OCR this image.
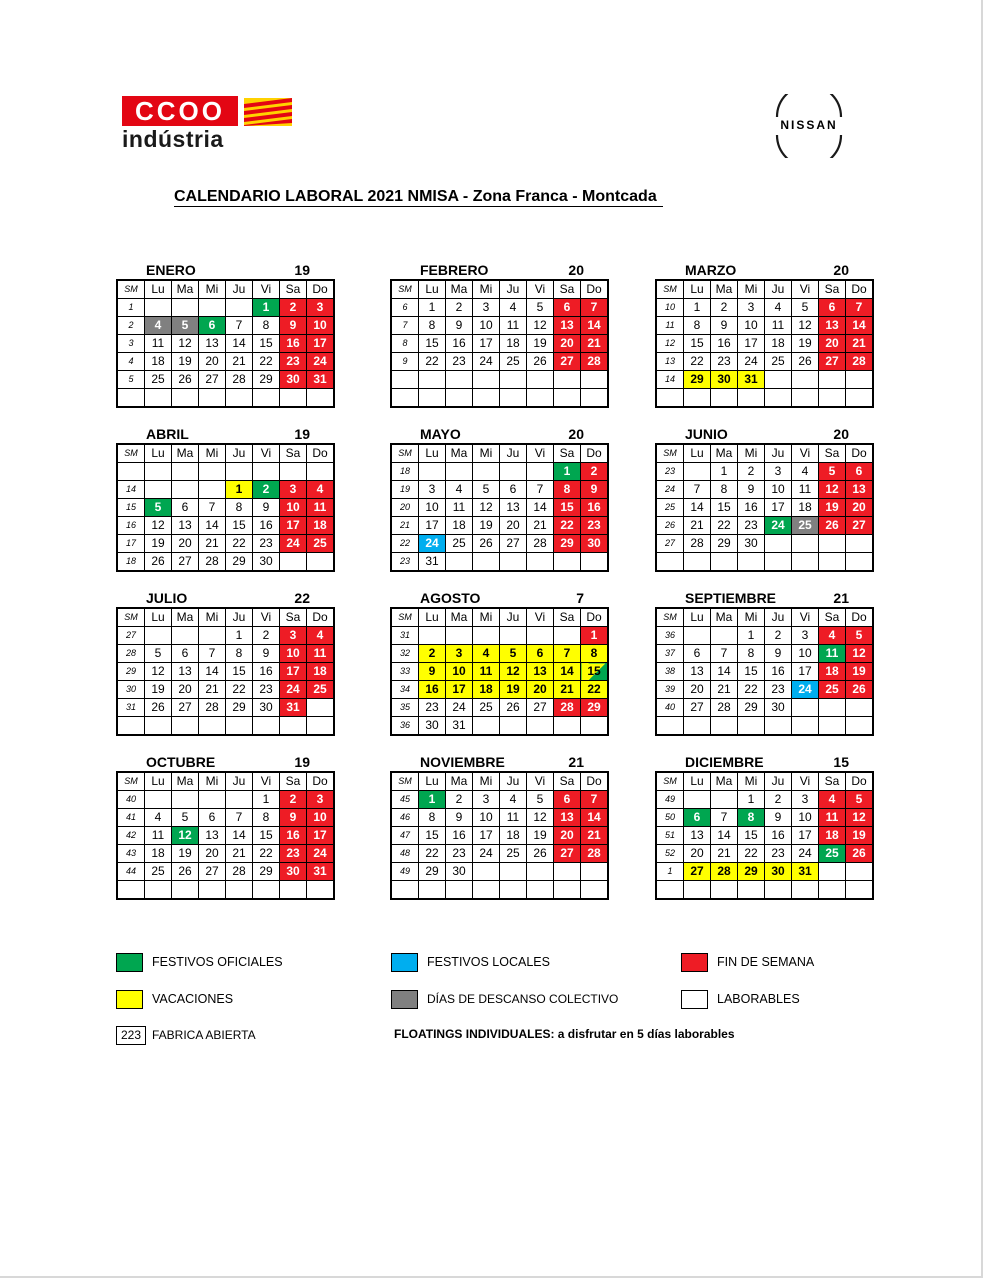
CCOO
indústria
NISSAN
CALENDARIO LABORAL 2021 NMISA - Zona Franca - Montcada
ENERO	19
SM	Lu	Ma	Mi	Ju	Vi	Sa	Do
1					1	2	3
2	4	5	6	7	8	9	10
3	11	12	13	14	15	16	17
4	18	19	20	21	22	23	24
5	25	26	27	28	29	30	31

FEBRERO	20
SM	Lu	Ma	Mi	Ju	Vi	Sa	Do
6	1	2	3	4	5	6	7
7	8	9	10	11	12	13	14
8	15	16	17	18	19	20	21
9	22	23	24	25	26	27	28

MARZO	20
SM	Lu	Ma	Mi	Ju	Vi	Sa	Do
10	1	2	3	4	5	6	7
11	8	9	10	11	12	13	14
12	15	16	17	18	19	20	21
13	22	23	24	25	26	27	28
14	29	30	31				

ABRIL	19
SM	Lu	Ma	Mi	Ju	Vi	Sa	Do

14				1	2	3	4
15	5	6	7	8	9	10	11
16	12	13	14	15	16	17	18
17	19	20	21	22	23	24	25
18	26	27	28	29	30		
MAYO	20
SM	Lu	Ma	Mi	Ju	Vi	Sa	Do
18						1	2
19	3	4	5	6	7	8	9
20	10	11	12	13	14	15	16
21	17	18	19	20	21	22	23
22	24	25	26	27	28	29	30
23	31						
JUNIO	20
SM	Lu	Ma	Mi	Ju	Vi	Sa	Do
23		1	2	3	4	5	6
24	7	8	9	10	11	12	13
25	14	15	16	17	18	19	20
26	21	22	23	24	25	26	27
27	28	29	30				

JULIO	22
SM	Lu	Ma	Mi	Ju	Vi	Sa	Do
27				1	2	3	4
28	5	6	7	8	9	10	11
29	12	13	14	15	16	17	18
30	19	20	21	22	23	24	25
31	26	27	28	29	30	31	

AGOSTO	7
SM	Lu	Ma	Mi	Ju	Vi	Sa	Do
31							1
32	2	3	4	5	6	7	8
33	9	10	11	12	13	14	15
34	16	17	18	19	20	21	22
35	23	24	25	26	27	28	29
36	30	31					
SEPTIEMBRE	21
SM	Lu	Ma	Mi	Ju	Vi	Sa	Do
36			1	2	3	4	5
37	6	7	8	9	10	11	12
38	13	14	15	16	17	18	19
39	20	21	22	23	24	25	26
40	27	28	29	30			

OCTUBRE	19
SM	Lu	Ma	Mi	Ju	Vi	Sa	Do
40					1	2	3
41	4	5	6	7	8	9	10
42	11	12	13	14	15	16	17
43	18	19	20	21	22	23	24
44	25	26	27	28	29	30	31

NOVIEMBRE	21
SM	Lu	Ma	Mi	Ju	Vi	Sa	Do
45	1	2	3	4	5	6	7
46	8	9	10	11	12	13	14
47	15	16	17	18	19	20	21
48	22	23	24	25	26	27	28
49	29	30					

DICIEMBRE	15
SM	Lu	Ma	Mi	Ju	Vi	Sa	Do
49			1	2	3	4	5
50	6	7	8	9	10	11	12
51	13	14	15	16	17	18	19
52	20	21	22	23	24	25	26
1	27	28	29	30	31		

FESTIVOS OFICIALES	FESTIVOS LOCALES	FIN DE SEMANA
VACACIONES	DÍAS DE DESCANSO COLECTIVO	LABORABLES
223 FABRICA ABIERTA	FLOATINGS INDIVIDUALES: a disfrutar en 5 días laborables
